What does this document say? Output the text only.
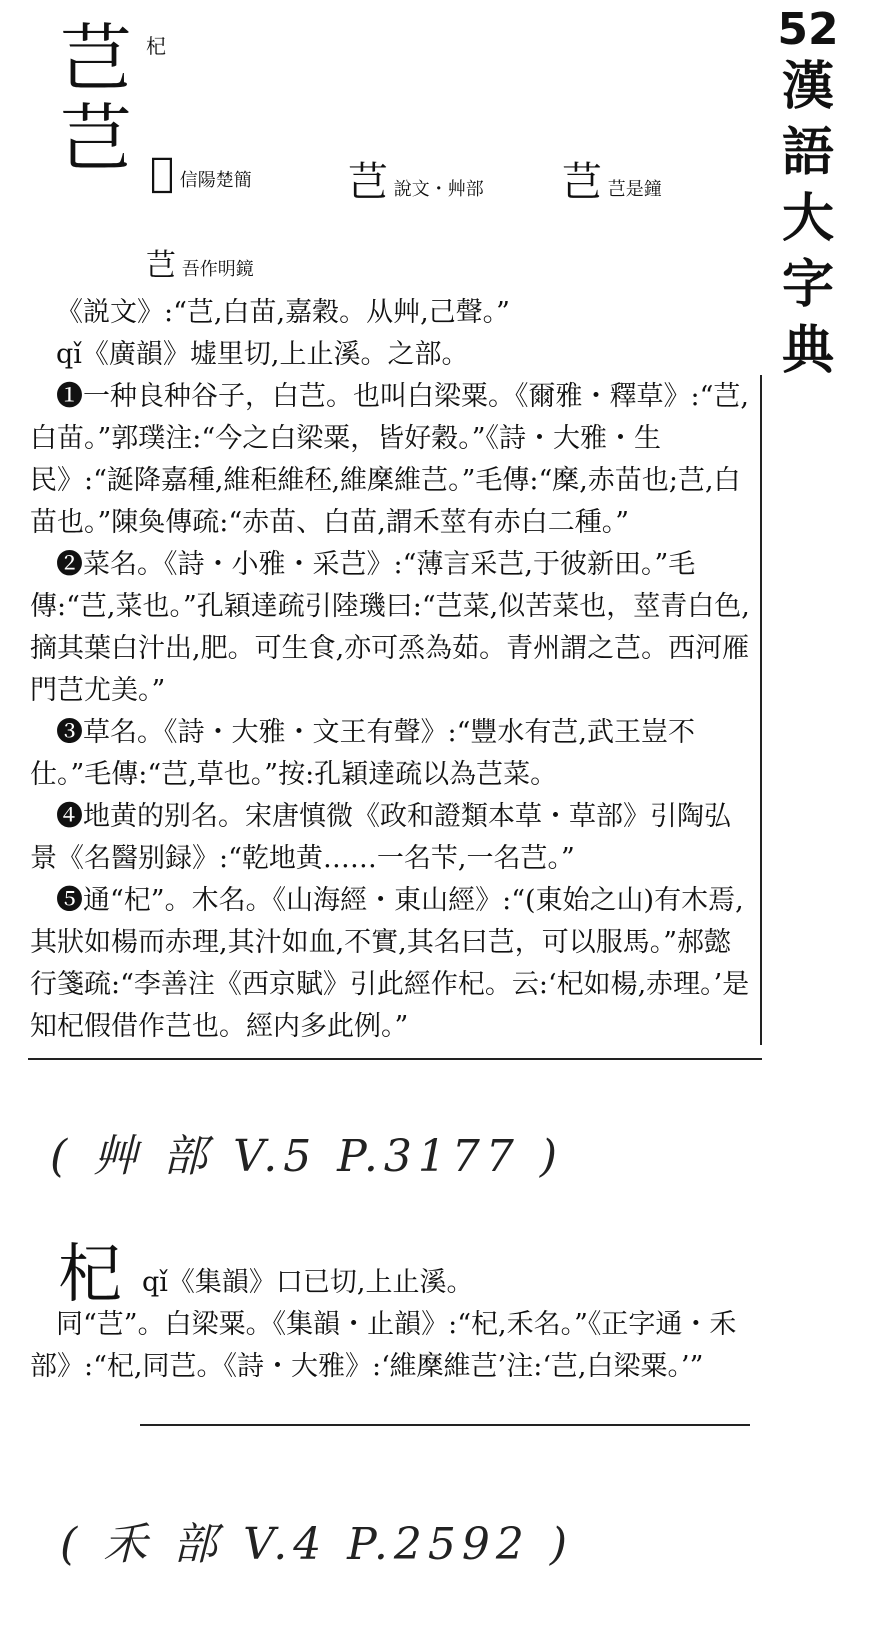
52
漢
語
大
字
典
芑
芑
杞
𠦭 信陽楚簡 芑 說文・艸部 芑 芑是鐘
芑 吾作明鏡

《説文》:“芑,白苗,嘉穀。从艸,己聲。”

qǐ《廣韻》墟里切,上止溪。之部。

❶一种良种谷子，白芑。也叫白梁粟。《爾雅・釋草》:“芑,白苗。”郭璞注:“今之白梁粟，皆好穀。”《詩・大雅・生民》:“誕降嘉種,維秬維秠,維穈維芑。”毛傳:“穈,赤苗也;芑,白苗也。”陳奐傳疏:“赤苗、白苗,謂禾莖有赤白二種。”

❷菜名。《詩・小雅・采芑》:“薄言采芑,于彼新田。”毛傳:“芑,菜也。”孔穎達疏引陸璣曰:“芑菜,似苦菜也，莖青白色,摘其葉白汁出,肥。可生食,亦可烝為茹。青州謂之芑。西河雁門芑尤美。”

❸草名。《詩・大雅・文王有聲》:“豐水有芑,武王豈不仕。”毛傳:“芑,草也。”按:孔穎達疏以為芑菜。

❹地黄的别名。宋唐慎微《政和證類本草・草部》引陶弘景《名醫别録》:“乾地黄……一名芐,一名芑。”

❺通“杞”。木名。《山海經・東山經》:“(東始之山)有木焉,其狀如楊而赤理,其汁如血,不實,其名曰芑，可以服馬。”郝懿行箋疏:“李善注《西京賦》引此經作杞。云:‘杞如楊,赤理。’是知杞假借作芑也。經内多此例。”

( 艸 部 V.5 P.3177 )
杞 qǐ《集韻》口已切,上止溪。
同“芑”。白梁粟。《集韻・止韻》:“杞,禾名。”《正字通・禾部》:“杞,同芑。《詩・大雅》:‘維穈維芑’注:‘芑,白梁粟。’”
( 禾 部 V.4 P.2592 )
